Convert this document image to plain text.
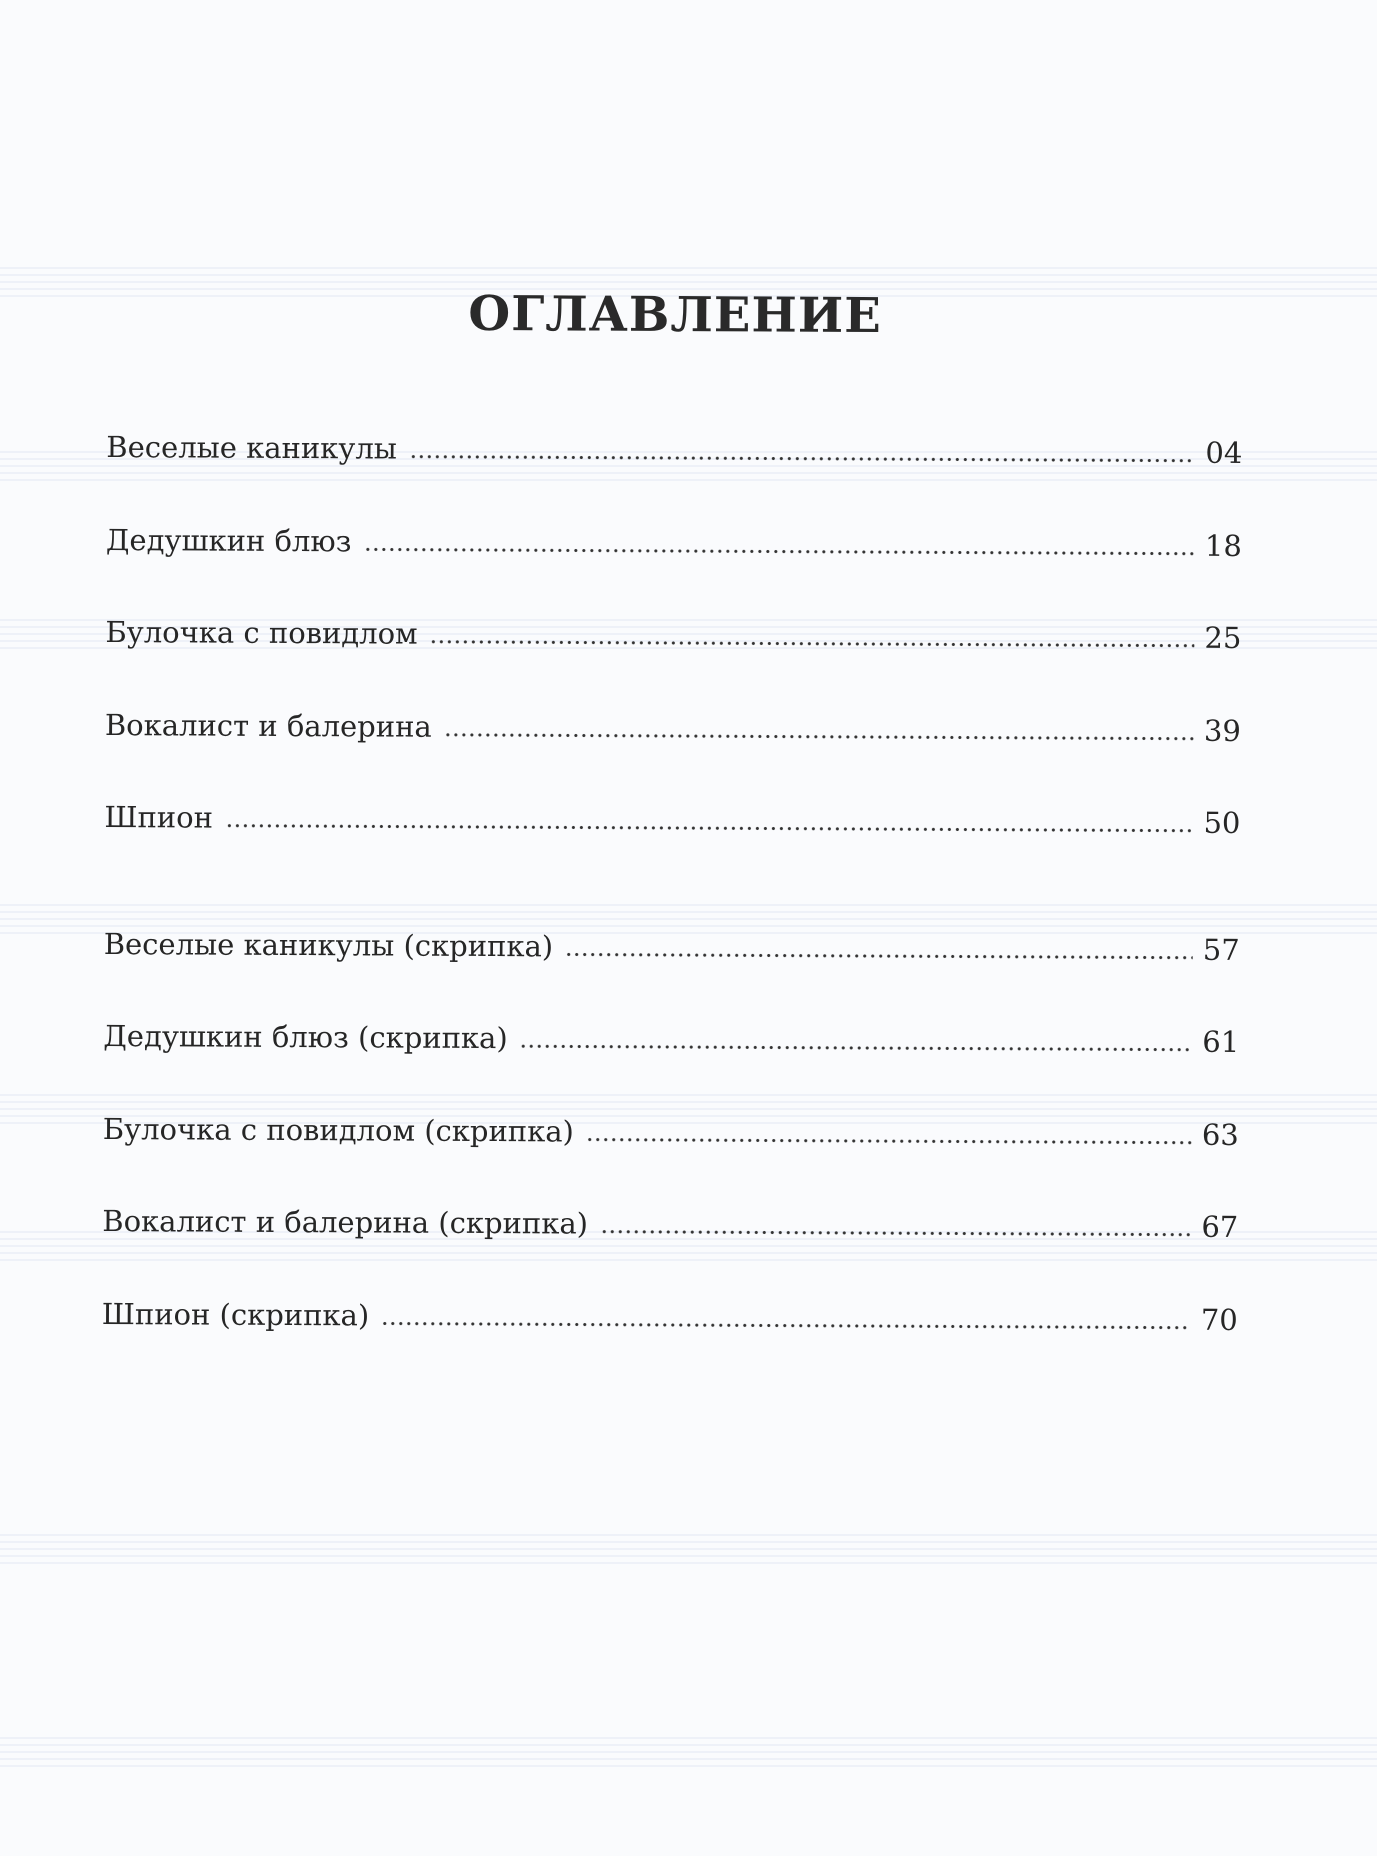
ОГЛАВЛЕНИЕ
Веселые каникулы	04
Дедушкин блюз	18
Булочка с повидлом	25
Вокалист и балерина	39
Шпион	50
Веселые каникулы (скрипка)	57
Дедушкин блюз (скрипка)	61
Булочка с повидлом (скрипка)	63
Вокалист и балерина (скрипка)	67
Шпион (скрипка)	70
